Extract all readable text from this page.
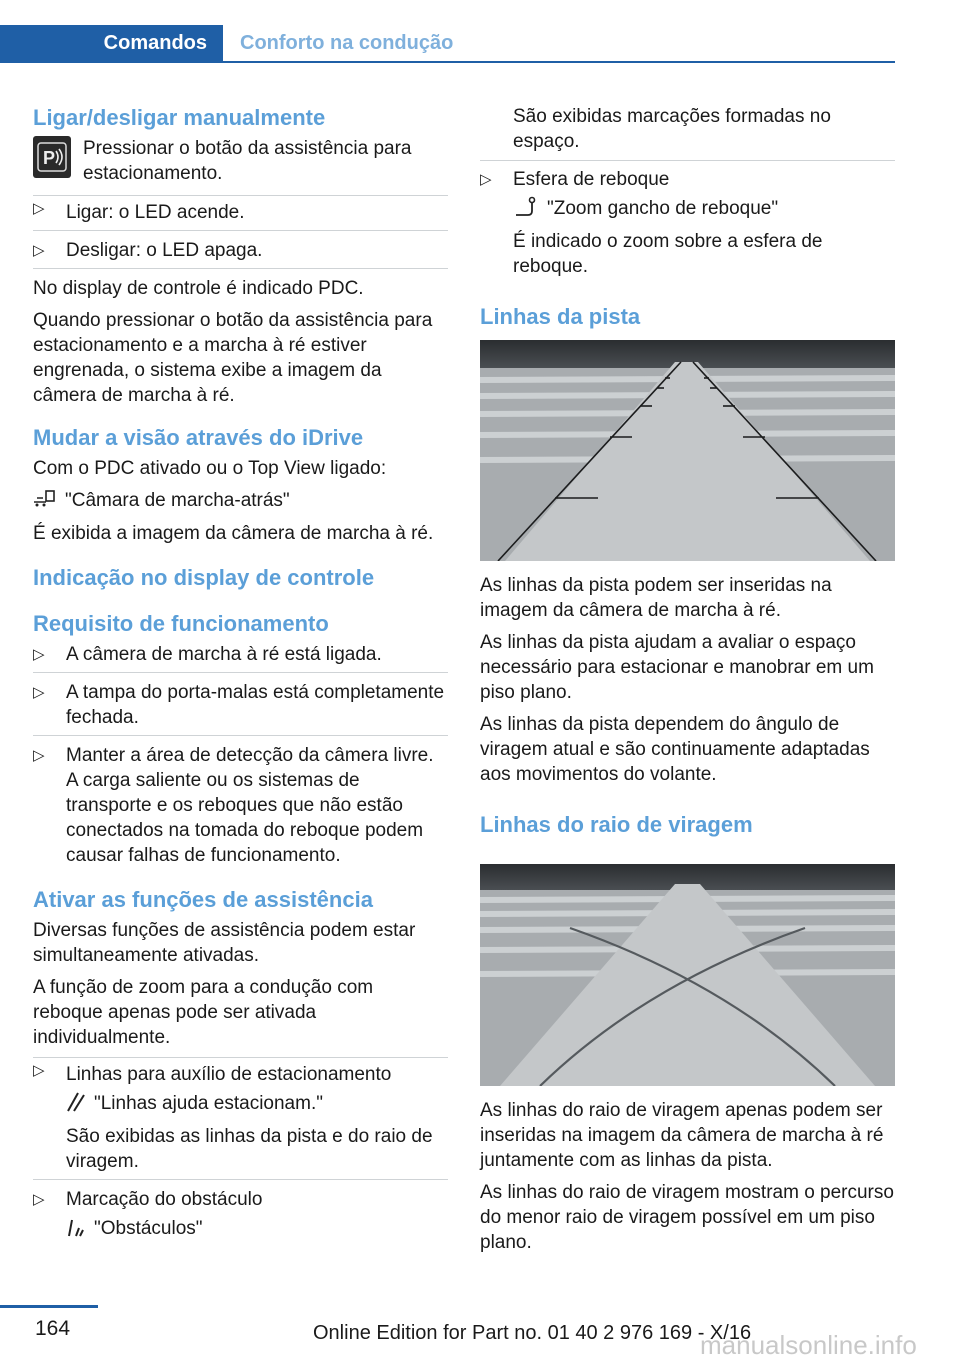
Comandos	Conforto na condução
Ligar/desligar manualmente
P	Pressionar o botão da assistência para estacionamento.
▷ Ligar: o LED acende.
▷ Desligar: o LED apaga.

No display de controle é indicado PDC.

Quando pressionar o botão da assistência para estacionamento e a marcha à ré estiver engrenada, o sistema exibe a imagem da câmera de marcha à ré.

Mudar a visão através do iDrive

Com o PDC ativado ou o Top View ligado:

"Câmara de marcha-atrás"

É exibida a imagem da câmera de marcha à ré.

Indicação no display de controle
Requisito de funcionamento
▷ A câmera de marcha à ré está ligada.
▷ A tampa do porta-malas está completamente fechada.
▷ Manter a área de detecção da câmera livre. A carga saliente ou os sistemas de transporte e os reboques que não estão conectados na tomada do reboque podem causar falhas de funcionamento.
Ativar as funções de assistência

Diversas funções de assistência podem estar simultaneamente ativadas.

A função de zoom para a condução com reboque apenas pode ser ativada individualmente.

▷ Linhas para auxílio de estacionamento
"Linhas ajuda estacionam."
São exibidas as linhas da pista e do raio de viragem.
▷ Marcação do obstáculo
"Obstáculos"
São exibidas marcações formadas no espaço.
▷ Esfera de reboque
"Zoom gancho de reboque"
É indicado o zoom sobre a esfera de reboque.
Linhas da pista

As linhas da pista podem ser inseridas na imagem da câmera de marcha à ré.

As linhas da pista ajudam a avaliar o espaço necessário para estacionar e manobrar em um piso plano.

As linhas da pista dependem do ângulo de viragem atual e são continuamente adaptadas aos movimentos do volante.

Linhas do raio de viragem

As linhas do raio de viragem apenas podem ser inseridas na imagem da câmera de marcha à ré juntamente com as linhas da pista.

As linhas do raio de viragem mostram o percurso do menor raio de viragem possível em um piso plano.

164	Online Edition for Part no. 01 40 2 976 169 - X/16
manualsonline.info
